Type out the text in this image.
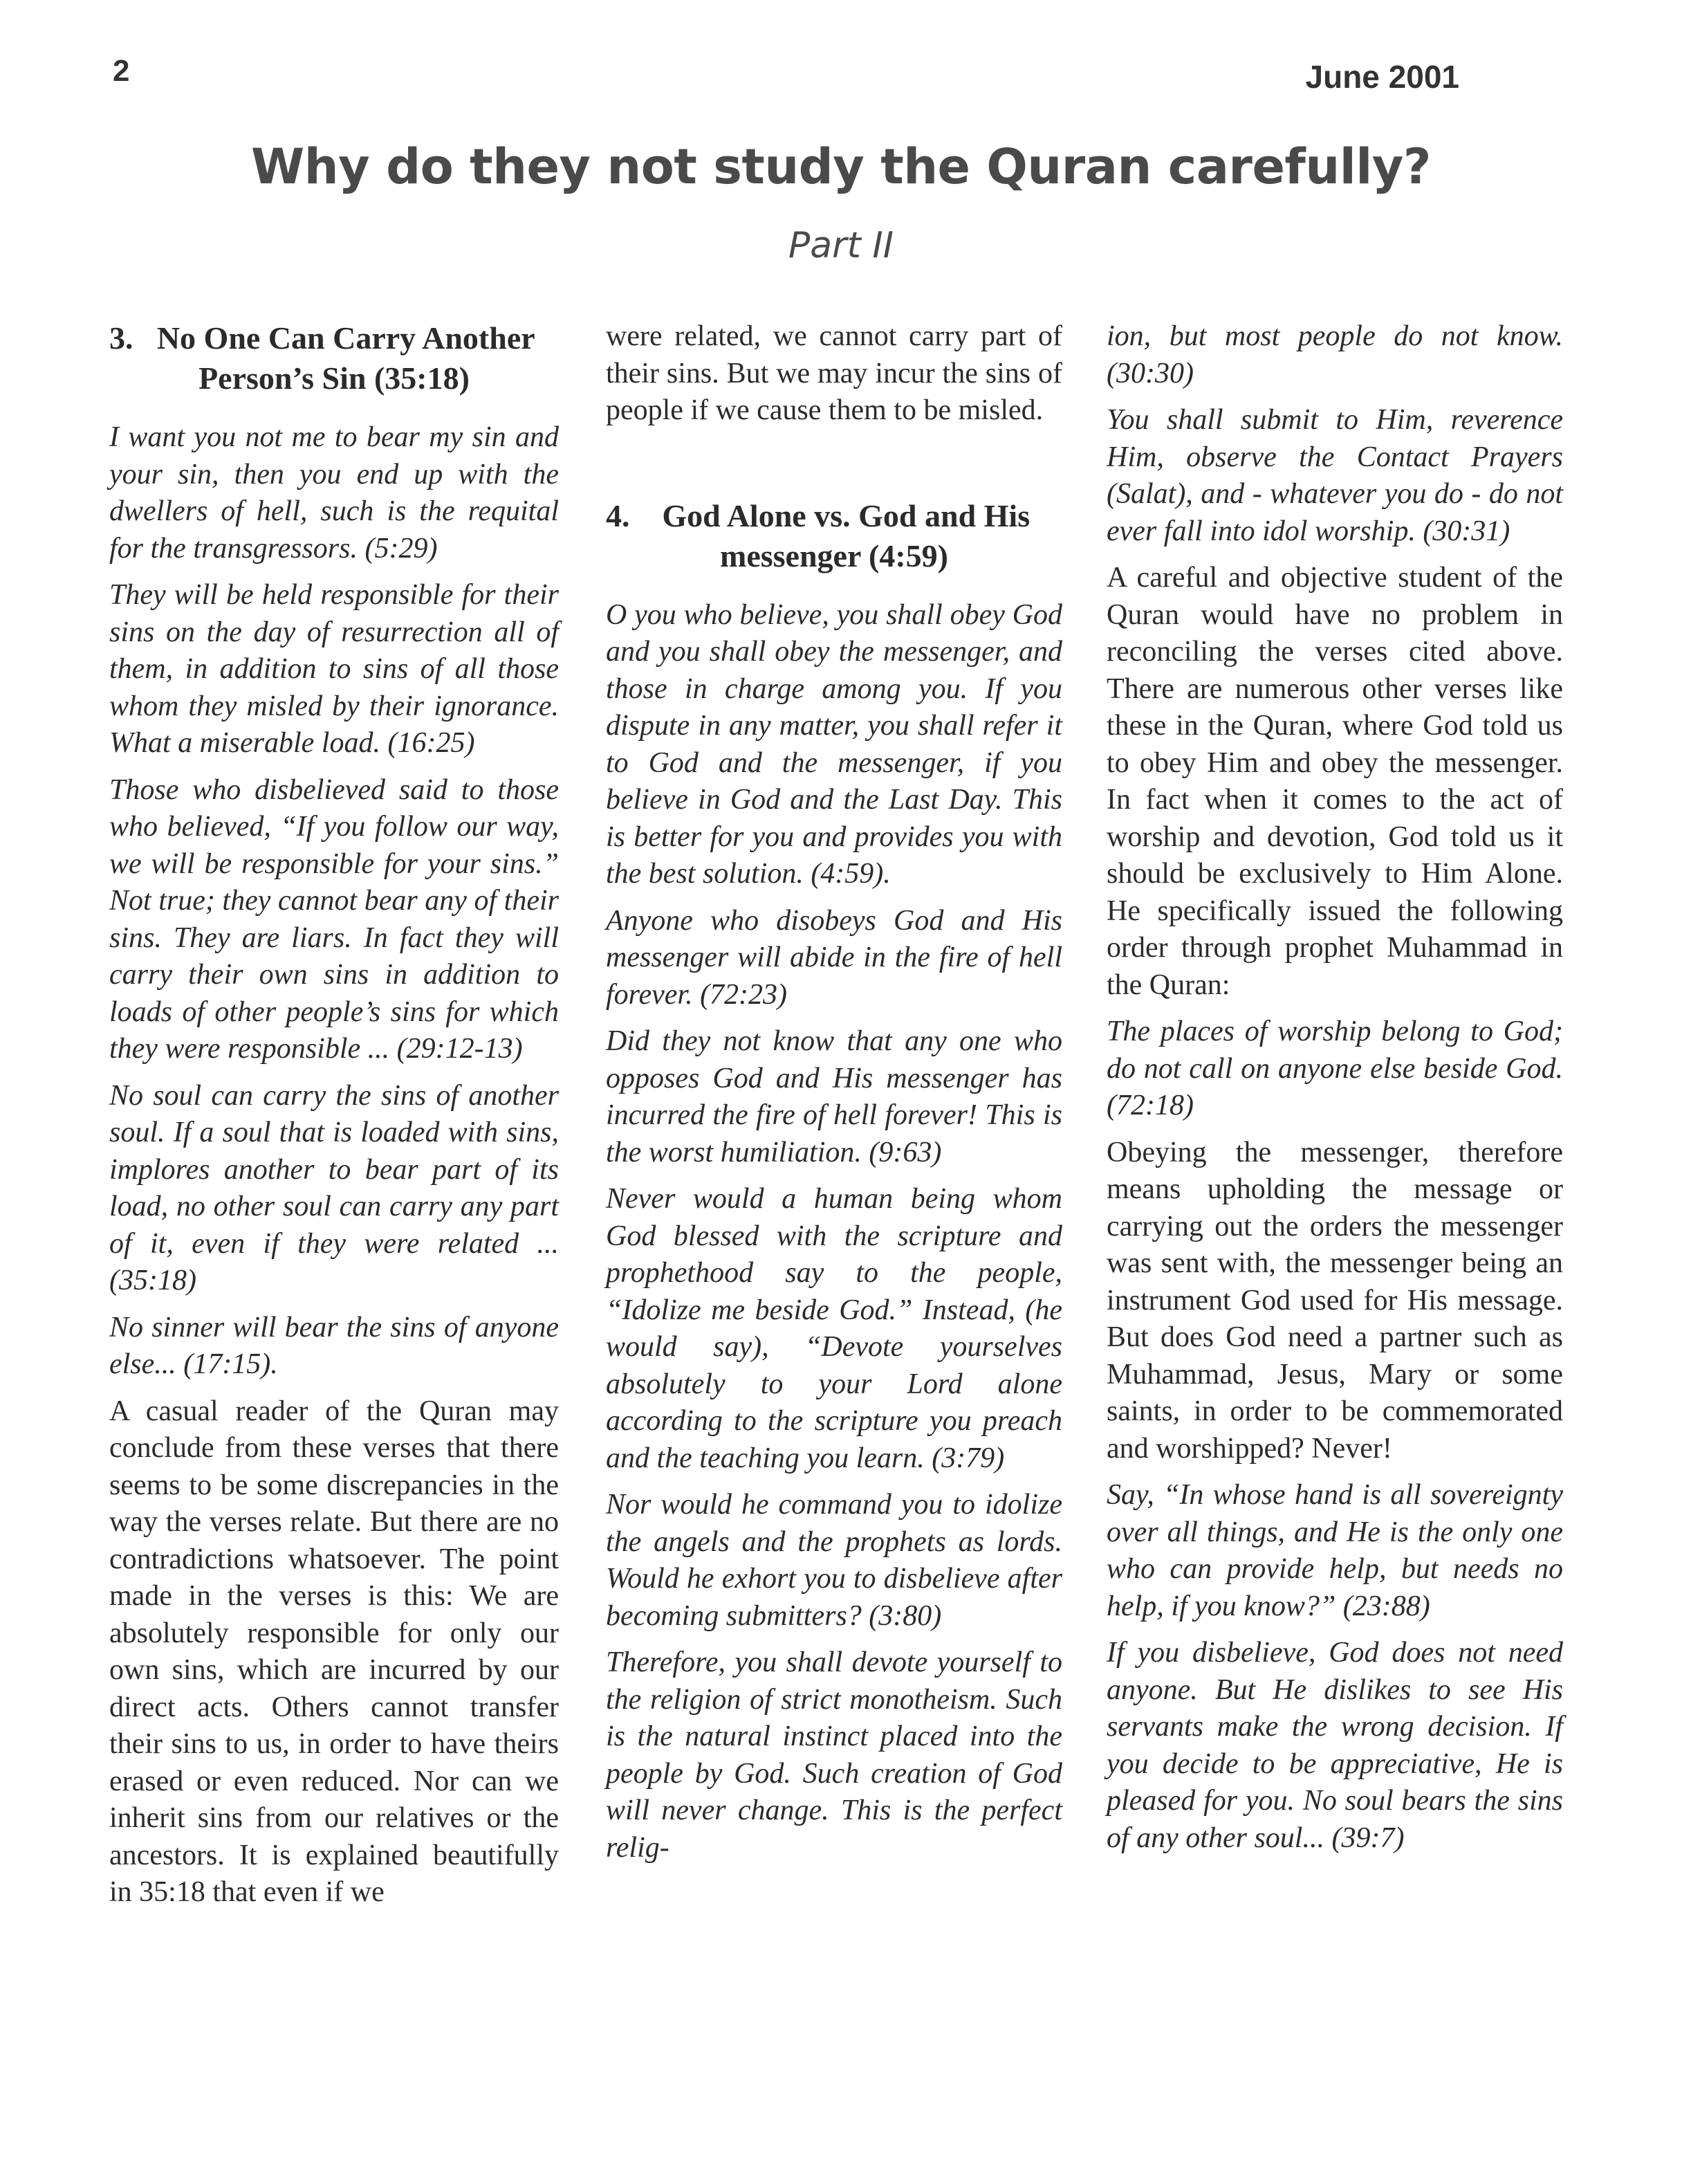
2	June 2001
Why do they not study the Quran carefully?
Part II
3. No One Can Carry Another Person’s Sin (35:18)

I want you not me to bear my sin and your sin, then you end up with the dwellers of hell, such is the requital for the transgressors. (5:29)

They will be held responsible for their sins on the day of resurrection all of them, in addition to sins of all those whom they misled by their ignorance. What a miserable load. (16:25)

Those who disbelieved said to those who believed, “If you follow our way, we will be responsible for your sins.” Not true; they cannot bear any of their sins. They are liars. In fact they will carry their own sins in addition to loads of other people’s sins for which they were responsible ... (29:12-13)

No soul can carry the sins of another soul. If a soul that is loaded with sins, implores another to bear part of its load, no other soul can carry any part of it, even if they were related ... (35:18)

No sinner will bear the sins of anyone else... (17:15).

A casual reader of the Quran may conclude from these verses that there seems to be some discrepancies in the way the verses relate. But there are no contradictions whatsoever. The point made in the verses is this: We are absolutely responsible for only our own sins, which are incurred by our direct acts. Others cannot transfer their sins to us, in order to have theirs erased or even reduced. Nor can we inherit sins from our relatives or the ancestors. It is explained beautifully in 35:18 that even if we

were related, we cannot carry part of their sins. But we may incur the sins of people if we cause them to be misled.

4. God Alone vs. God and His messenger (4:59)

O you who believe, you shall obey God and you shall obey the messenger, and those in charge among you. If you dispute in any matter, you shall refer it to God and the messenger, if you believe in God and the Last Day. This is better for you and provides you with the best solution. (4:59).

Anyone who disobeys God and His messenger will abide in the fire of hell forever. (72:23)

Did they not know that any one who opposes God and His messenger has incurred the fire of hell forever! This is the worst humiliation. (9:63)

Never would a human being whom God blessed with the scripture and prophethood say to the people, “Idolize me beside God.” Instead, (he would say), “Devote yourselves absolutely to your Lord alone according to the scripture you preach and the teaching you learn. (3:79)

Nor would he command you to idolize the angels and the prophets as lords. Would he exhort you to disbelieve after becoming submitters? (3:80)

Therefore, you shall devote yourself to the religion of strict monotheism. Such is the natural instinct placed into the people by God. Such creation of God will never change. This is the perfect relig-

ion, but most people do not know. (30:30)

You shall submit to Him, reverence Him, observe the Contact Prayers (Salat), and - whatever you do - do not ever fall into idol worship. (30:31)

A careful and objective student of the Quran would have no problem in reconciling the verses cited above. There are numerous other verses like these in the Quran, where God told us to obey Him and obey the messenger. In fact when it comes to the act of worship and devotion, God told us it should be exclusively to Him Alone. He specifically issued the following order through prophet Muhammad in the Quran:

The places of worship belong to God; do not call on anyone else beside God. (72:18)

Obeying the messenger, therefore means upholding the message or carrying out the orders the messenger was sent with, the messenger being an instrument God used for His message. But does God need a partner such as Muhammad, Jesus, Mary or some saints, in order to be commemorated and worshipped? Never!

Say, “In whose hand is all sovereignty over all things, and He is the only one who can provide help, but needs no help, if you know?” (23:88)

If you disbelieve, God does not need anyone. But He dislikes to see His servants make the wrong decision. If you decide to be appreciative, He is pleased for you. No soul bears the sins of any other soul... (39:7)
